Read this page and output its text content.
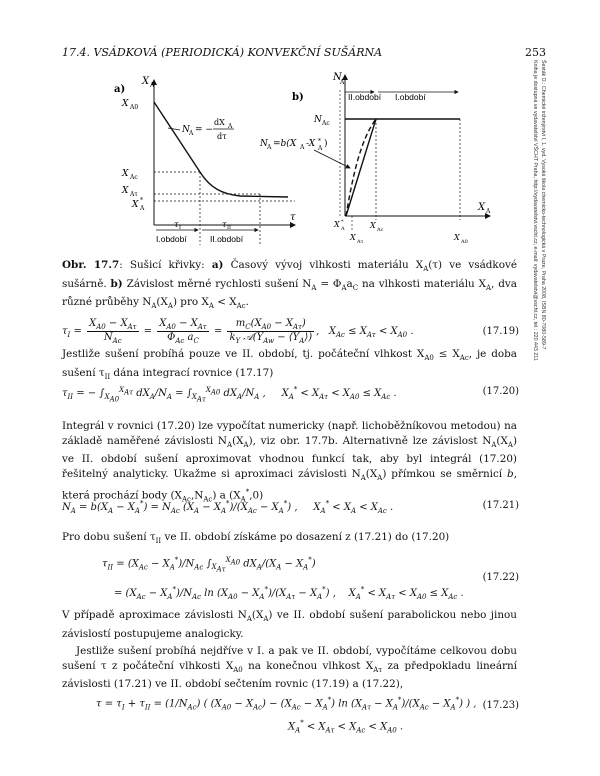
17.4. VSÁDKOVÁ (PERIODICKÁ) KONVEKČNÍ SUŠÁRNA	253
Šesták D.: Chemické inženýrství I, 1. vyd. Vysoká škola chemicko-technologická v Praze, Praha 2008, ISBN 80-7080-589-7
Kniha je dostupná ve vydavatelství VŠCHT Praha, http://vydavatelstvi.vscht.cz, e-mail: vydavatelstvi@vscht.cz, tel.: 220 443 211
a)
X A
τ
X A0
X Ac
X Aτ
X *
A
N A = −
dX A
dτ
τ I	τ II
I.období	II.období
b)
N
A
N Ac
II.období I.období
N A =b(X A -X *
A )
X A
X *
A	X Ac
X Aτ	X A0
Obr. 17.7: Sušicí křivky: a) Časový vývoj vlhkosti materiálu $X_A(\tau)$ ve vsádkové sušárně. b) Závislost měrné rychlosti sušení $N_A = \Phi_Aa_C$ na vlhkosti materiálu $X_A$, dva různé průběhy $N_A(X_A)$ pro $X_A < X_{Ac}$.
$\tau_I = \frac{X_{A0} - X_{A\tau}}{N_{Ac}} = \frac{X_{A0} - X_{A\tau}}{\Phi_{Ac} a_C} = \frac{m_C(X_{A0} - X_{A\tau})}{k_Y 𝒜(Y_{Aw} - ⟨Y_A⟩)}$ ,   $X_{Ac} \le X_{A\tau} < X_{A0}$ .	(17.19)
Jestliže sušení probíhá pouze ve II. období, tj. počáteční vlhkost $X_{A0} \le X_{Ac}$, je doba sušení $\tau_{II}$ dána integrací rovnice (17.17)
$\tau_{II}$ = − $\int_{X_{A0}}^{X_{A\tau}}$ $dX_A/N_A = \int_{X_{A\tau}}^{X_{A0}}$ $dX_A/N_A$ , $X_A^* < X_{A\tau} < X_{A0} \le X_{Ac}$ .	(17.20)
Integrál v rovnici (17.20) lze vypočítat numericky (např. lichoběžníkovou metodou) na základě naměřené závislosti $N_A(X_A)$, viz obr. 17.7b. Alternativně lze závislost $N_A(X_A)$ ve II. období sušení aproximovat vhodnou funkcí tak, aby byl integrál (17.20) řešitelný analyticky. Ukažme si aproximaci závislosti $N_A(X_A)$ přímkou se směrnicí b, která prochází body $(X_{Ac},N_{Ac})$ a $(X_A^*,0)$
$N_A = b(X_A - X_A^*) = N_{Ac}$ $(X_A - X_A^*)/(X_{Ac} - X_A^*)$ , $X_A^* < X_A < X_{Ac}$ .	(17.21)
Pro dobu sušení $\tau_{II}$ ve II. období získáme po dosazení z (17.21) do (17.20)
$\tau_{II} = (X_{Ac} - X_A^*)/N_{Ac}$ $\int_{X_{A\tau}}^{X_{A0}}$ $dX_A/(X_A - X_A^*)$
= $(X_{Ac} - X_A^*)/N_{Ac}$ $\ln (X_{A0} - X_A^*)/(X_{A\tau} - X_A^*)$ , $X_A^* < X_{A\tau} < X_{A0} \le X_{Ac}$ .
(17.22)
V případě aproximace závislosti $N_A(X_A)$ ve II. období sušení parabolickou nebo jinou závislostí postupujeme analogicky.
Jestliže sušení probíhá nejdříve v I. a pak ve II. období, vypočítáme celkovou dobu sušení τ z počáteční vlhkosti $X_{A0}$ na konečnou vlhkost $X_{A\tau}$ za předpokladu lineární závislosti (17.21) ve II. období sečtením rovnic (17.19) a (17.22),
$\tau = \tau_I + \tau_{II} = (1/N_{Ac})$ ( $(X_{A0} - X_{Ac}) - (X_{Ac} - X_A^*)$ $\ln (X_{A\tau} - X_A^*)/(X_{Ac} - X_A^*)$ ) ,
$X_A^* < X_{A\tau} < X_{Ac} < X_{A0}$ .
(17.23)
